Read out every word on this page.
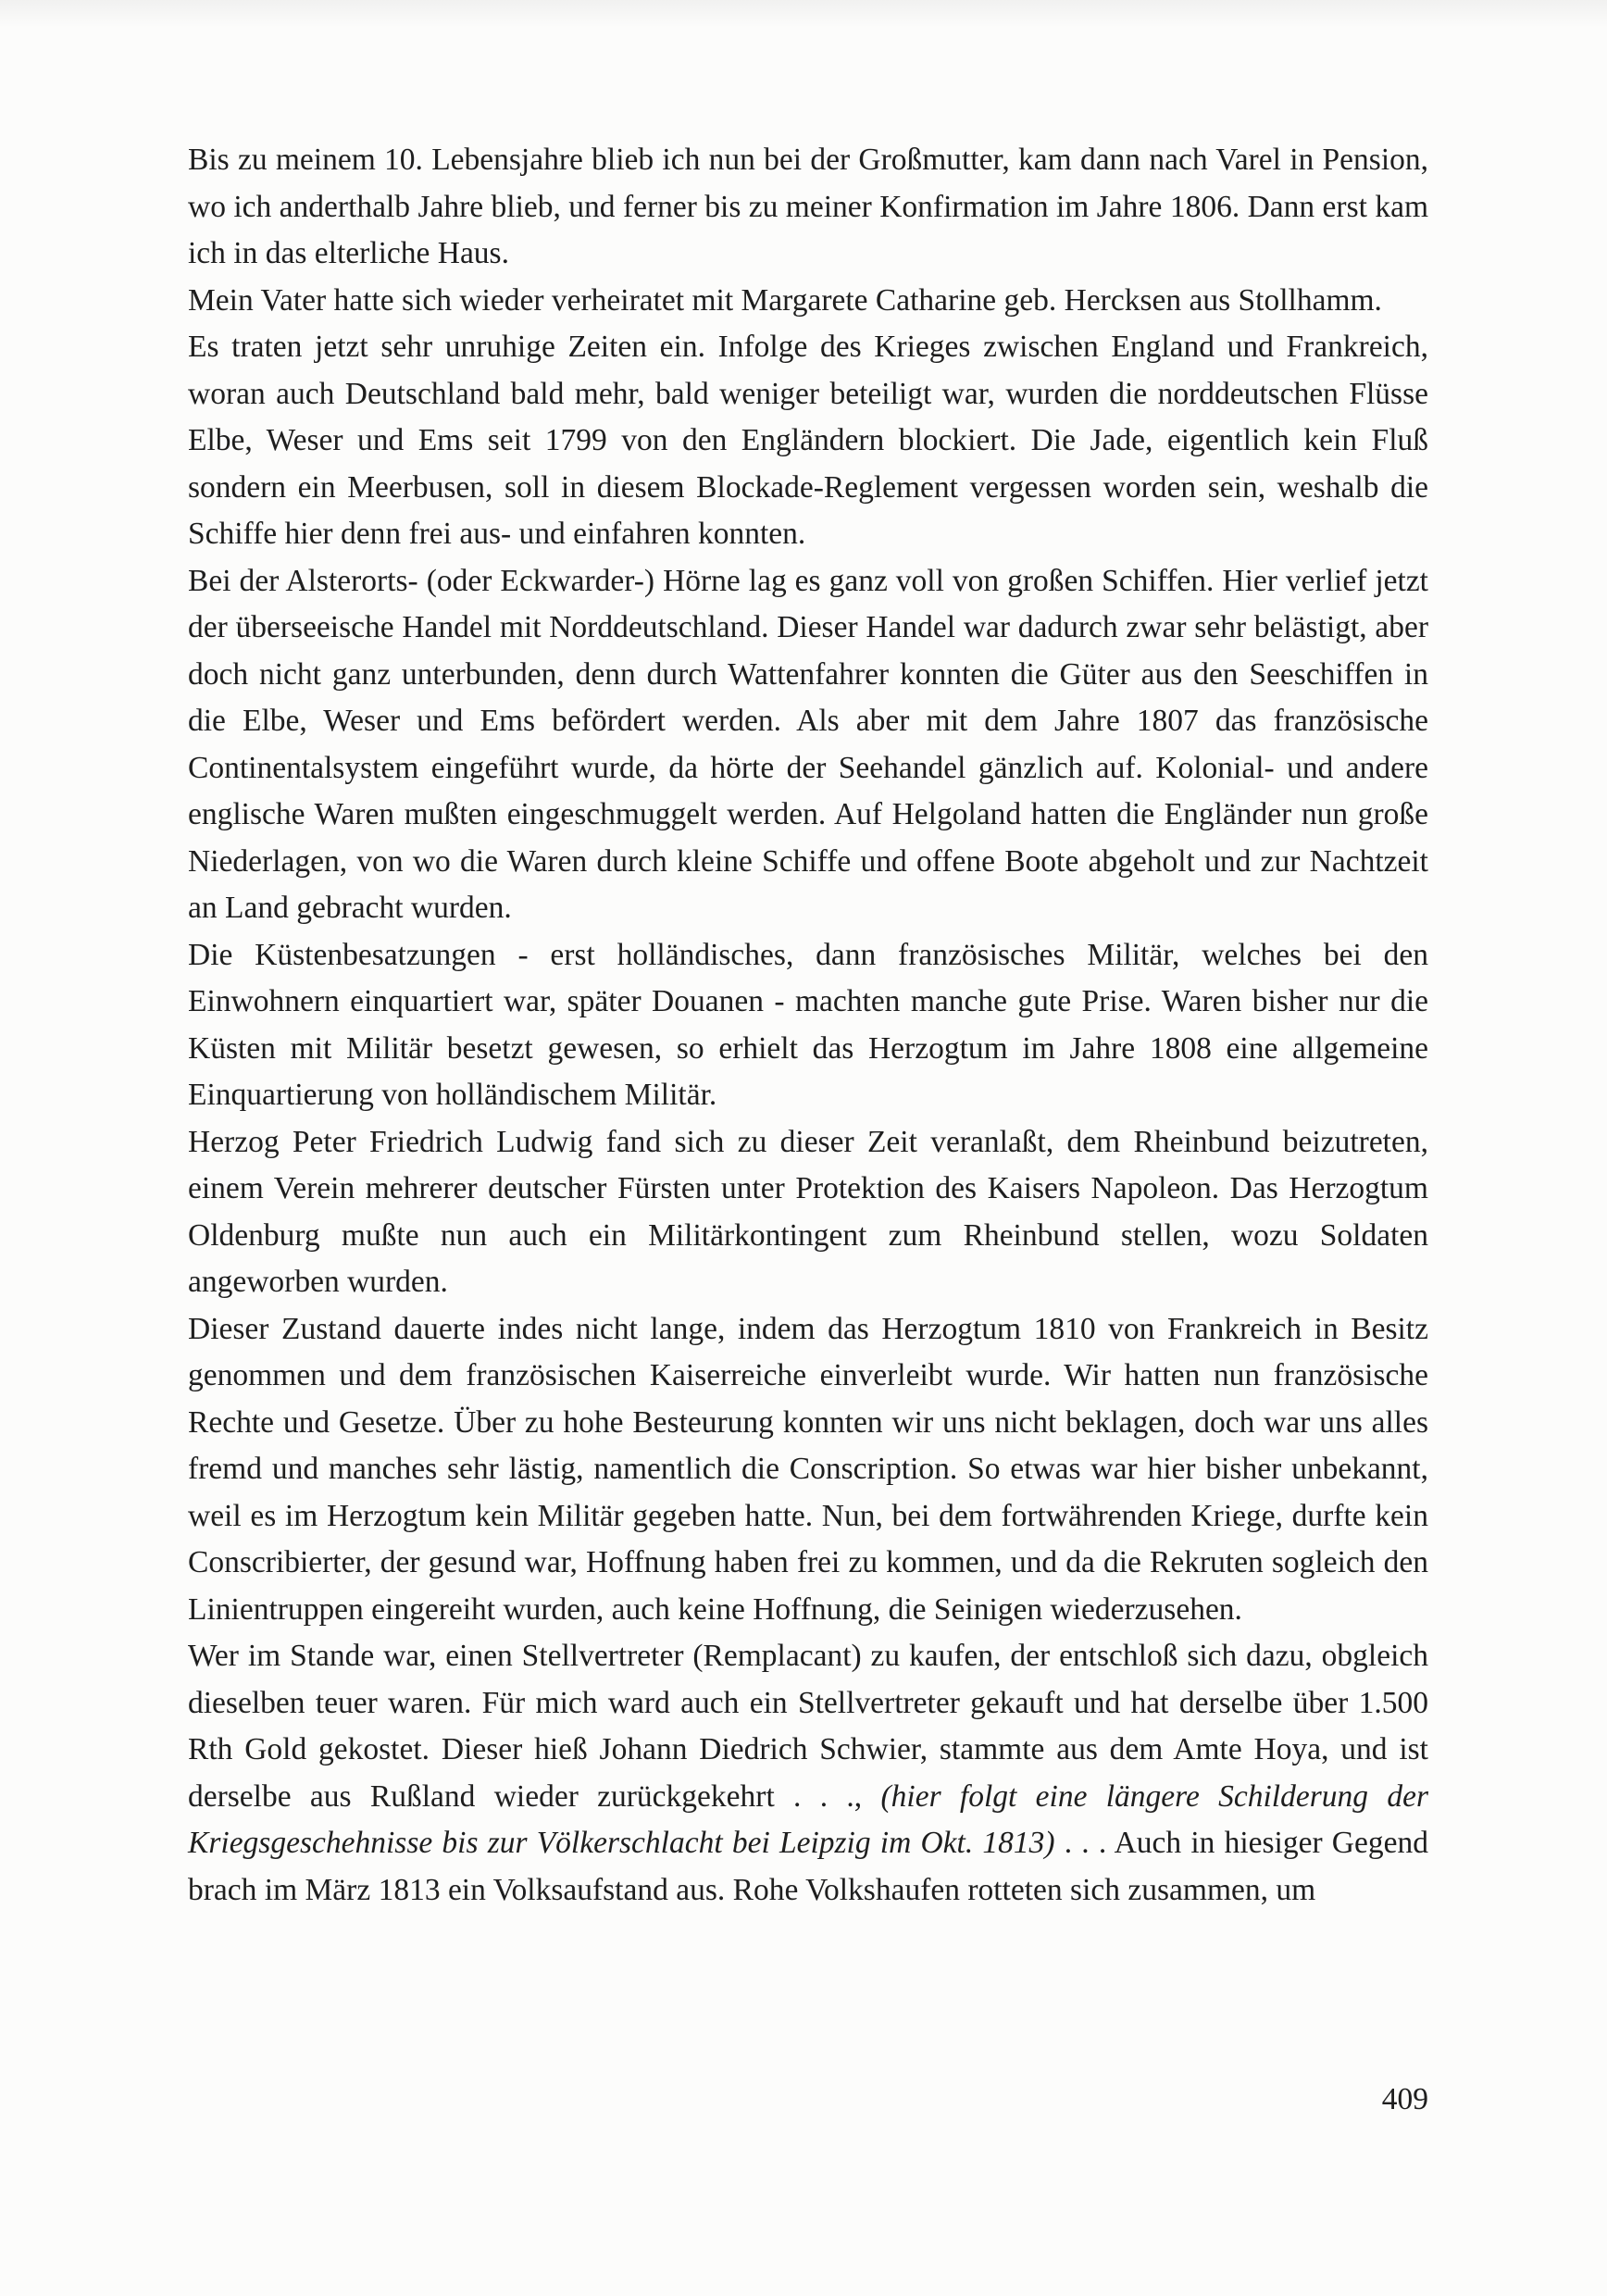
Bis zu meinem 10. Lebensjahre blieb ich nun bei der Großmutter, kam dann nach Varel in Pension, wo ich anderthalb Jahre blieb, und ferner bis zu meiner Konfirmation im Jahre 1806. Dann erst kam ich in das elterliche Haus.

Mein Vater hatte sich wieder verheiratet mit Margarete Catharine geb. Hercksen aus Stollhamm.

Es traten jetzt sehr unruhige Zeiten ein. Infolge des Krieges zwischen England und Frankreich, woran auch Deutschland bald mehr, bald weniger beteiligt war, wurden die norddeutschen Flüsse Elbe, Weser und Ems seit 1799 von den Engländern blockiert. Die Jade, eigentlich kein Fluß sondern ein Meerbusen, soll in diesem Blockade-Reglement vergessen worden sein, weshalb die Schiffe hier denn frei aus- und einfahren konnten.

Bei der Alsterorts- (oder Eckwarder-) Hörne lag es ganz voll von großen Schiffen. Hier verlief jetzt der überseeische Handel mit Norddeutschland. Dieser Handel war dadurch zwar sehr belästigt, aber doch nicht ganz unterbunden, denn durch Wattenfahrer konnten die Güter aus den Seeschiffen in die Elbe, Weser und Ems befördert werden. Als aber mit dem Jahre 1807 das französische Continentalsystem eingeführt wurde, da hörte der Seehandel gänzlich auf. Kolonial- und andere englische Waren mußten eingeschmuggelt werden. Auf Helgoland hatten die Engländer nun große Niederlagen, von wo die Waren durch kleine Schiffe und offene Boote abgeholt und zur Nachtzeit an Land gebracht wurden.

Die Küstenbesatzungen - erst holländisches, dann französisches Militär, welches bei den Einwohnern einquartiert war, später Douanen - machten manche gute Prise. Waren bisher nur die Küsten mit Militär besetzt gewesen, so erhielt das Herzogtum im Jahre 1808 eine allgemeine Einquartierung von holländischem Militär.

Herzog Peter Friedrich Ludwig fand sich zu dieser Zeit veranlaßt, dem Rheinbund beizutreten, einem Verein mehrerer deutscher Fürsten unter Protektion des Kaisers Napoleon. Das Herzogtum Oldenburg mußte nun auch ein Militärkontingent zum Rheinbund stellen, wozu Soldaten angeworben wurden.

Dieser Zustand dauerte indes nicht lange, indem das Herzogtum 1810 von Frankreich in Besitz genommen und dem französischen Kaiserreiche einverleibt wurde. Wir hatten nun französische Rechte und Gesetze. Über zu hohe Besteurung konnten wir uns nicht beklagen, doch war uns alles fremd und manches sehr lästig, namentlich die Conscription. So etwas war hier bisher unbekannt, weil es im Herzogtum kein Militär gegeben hatte. Nun, bei dem fortwährenden Kriege, durfte kein Conscribierter, der gesund war, Hoffnung haben frei zu kommen, und da die Rekruten sogleich den Linientruppen eingereiht wurden, auch keine Hoffnung, die Seinigen wiederzusehen.

Wer im Stande war, einen Stellvertreter (Remplacant) zu kaufen, der entschloß sich dazu, obgleich dieselben teuer waren. Für mich ward auch ein Stellvertreter gekauft und hat derselbe über 1.500 Rth Gold gekostet. Dieser hieß Johann Diedrich Schwier, stammte aus dem Amte Hoya, und ist derselbe aus Rußland wieder zurückgekehrt . . ., (hier folgt eine längere Schilderung der Kriegsgeschehnisse bis zur Völkerschlacht bei Leipzig im Okt. 1813) . . . Auch in hiesiger Gegend brach im März 1813 ein Volksaufstand aus. Rohe Volkshaufen rotteten sich zusammen, um

409
